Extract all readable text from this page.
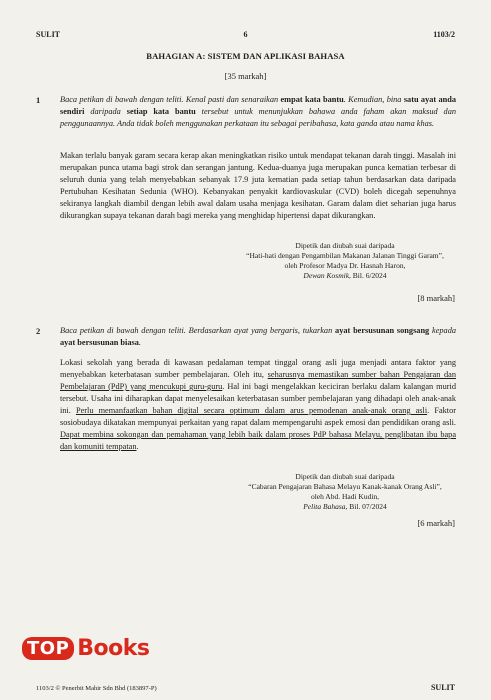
SULIT	6	1103/2
BAHAGIAN A: SISTEM DAN APLIKASI BAHASA
[35 markah]
1 Baca petikan di bawah dengan teliti. Kenal pasti dan senaraikan empat kata bantu. Kemudian, bina satu ayat anda sendiri daripada setiap kata bantu tersebut untuk menunjukkan bahawa anda faham akan maksud dan penggunaannya. Anda tidak boleh menggunakan perkataan itu sebagai peribahasa, kata ganda atau nama khas.
Makan terlalu banyak garam secara kerap akan meningkatkan risiko untuk mendapat tekanan darah tinggi. Masalah ini merupakan punca utama bagi strok dan serangan jantung. Kedua-duanya juga merupakan punca kematian terbesar di seluruh dunia yang telah menyebabkan sebanyak 17.9 juta kematian pada setiap tahun berdasarkan data daripada Pertubuhan Kesihatan Sedunia (WHO). Kebanyakan penyakit kardiovaskular (CVD) boleh dicegah sepenuhnya sekiranya langkah diambil dengan lebih awal dalam usaha menjaga kesihatan. Garam dalam diet seharian juga harus dikurangkan supaya tekanan darah bagi mereka yang menghidap hipertensi dapat dikurangkan.
Dipetik dan diubah suai daripada
“Hati-hati dengan Pengambilan Makanan Jalanan Tinggi Garam”,
oleh Profesor Madya Dr. Hasnah Haron,
Dewan Kosmik, Bil. 6/2024
[8 markah]
2 Baca petikan di bawah dengan teliti. Berdasarkan ayat yang bergaris, tukarkan ayat bersusunan songsang kepada ayat bersusunan biasa.
Lokasi sekolah yang berada di kawasan pedalaman tempat tinggal orang asli juga menjadi antara faktor yang menyebabkan keterbatasan sumber pembelajaran. Oleh itu, seharusnya memastikan sumber bahan Pengajaran dan Pembelajaran (PdP) yang mencukupi guru-guru. Hal ini bagi mengelakkan keciciran berlaku dalam kalangan murid tersebut. Usaha ini diharapkan dapat menyelesaikan keterbatasan sumber pembelajaran yang dihadapi oleh anak-anak ini. Perlu memanfaatkan bahan digital secara optimum dalam arus pemodenan anak-anak orang asli. Faktor sosiobudaya dikatakan mempunyai perkaitan yang rapat dalam mempengaruhi aspek emosi dan pendidikan orang asli. Dapat membina sokongan dan pemahaman yang lebih baik dalam proses PdP bahasa Melayu, penglibatan ibu bapa dan komuniti tempatan.
Dipetik dan diubah suai daripada
“Cabaran Pengajaran Bahasa Melayu Kanak-kanak Orang Asli”,
oleh Abd. Hadi Kudin,
Pelita Bahasa, Bil. 07/2024
[6 markah]
TOP Books
1103/2 © Penerbit Mahir Sdn Bhd (183897-P)	SULIT
